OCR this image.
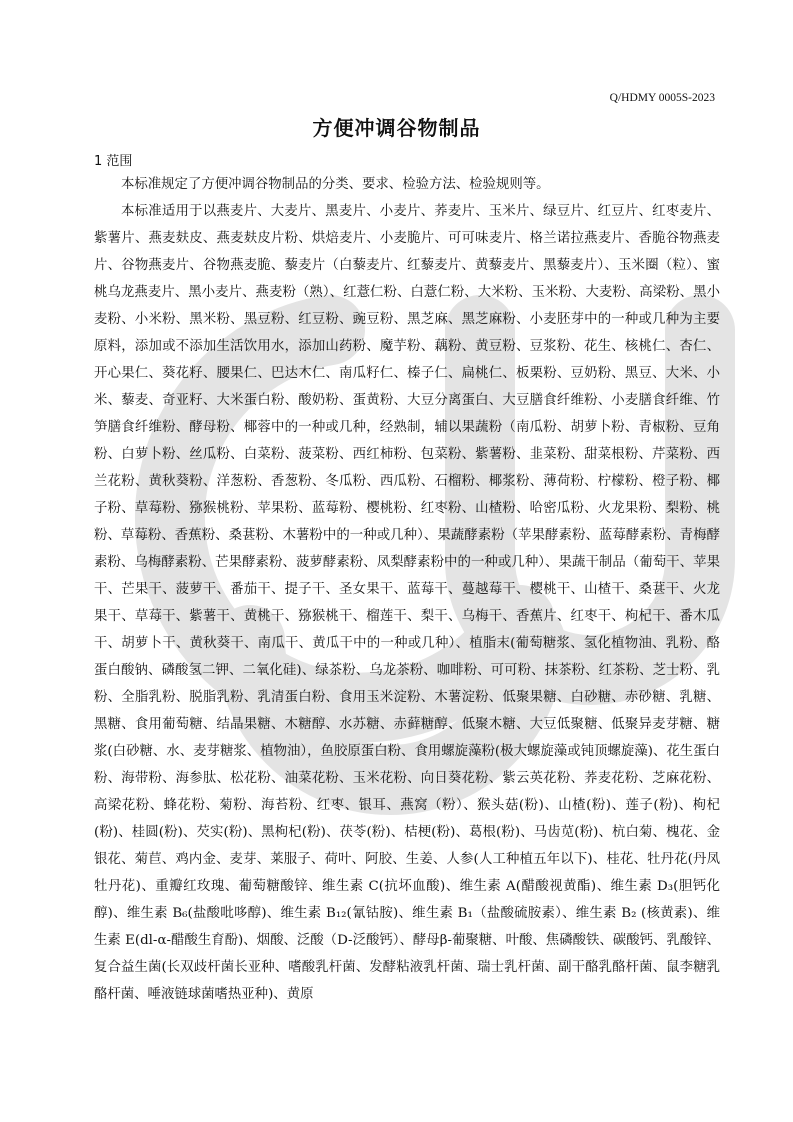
Q/HDMY 0005S-2023
方便冲调谷物制品
1 范围

本标准规定了方便冲调谷物制品的分类、要求、检验方法、检验规则等。

本标准适用于以燕麦片、大麦片、黑麦片、小麦片、荞麦片、玉米片、绿豆片、红豆片、红枣麦片、紫薯片、燕麦麸皮、燕麦麸皮片粉、烘焙麦片、小麦脆片、可可味麦片、格兰诺拉燕麦片、香脆谷物燕麦片、谷物燕麦片、谷物燕麦脆、藜麦片（白藜麦片、红藜麦片、黄藜麦片、黑藜麦片）、玉米圈（粒）、蜜桃乌龙燕麦片、黑小麦片、燕麦粉（熟）、红薏仁粉、白薏仁粉、大米粉、玉米粉、大麦粉、高梁粉、黑小麦粉、小米粉、黑米粉、黑豆粉、红豆粉、豌豆粉、黑芝麻、黑芝麻粉、小麦胚芽中的一种或几种为主要原料，添加或不添加生活饮用水，添加山药粉、魔芋粉、藕粉、黄豆粉、豆浆粉、花生、核桃仁、杏仁、开心果仁、葵花籽、腰果仁、巴达木仁、南瓜籽仁、榛子仁、扁桃仁、板栗粉、豆奶粉、黑豆、大米、小米、藜麦、奇亚籽、大米蛋白粉、酸奶粉、蛋黄粉、大豆分离蛋白、大豆膳食纤维粉、小麦膳食纤维、竹笋膳食纤维粉、酵母粉、椰蓉中的一种或几种，经熟制，辅以果蔬粉（南瓜粉、胡萝卜粉、青椒粉、豆角粉、白萝卜粉、丝瓜粉、白菜粉、菠菜粉、西红柿粉、包菜粉、紫薯粉、韭菜粉、甜菜根粉、芹菜粉、西兰花粉、黄秋葵粉、洋葱粉、香葱粉、冬瓜粉、西瓜粉、石榴粉、椰浆粉、薄荷粉、柠檬粉、橙子粉、椰子粉、草莓粉、猕猴桃粉、苹果粉、蓝莓粉、樱桃粉、红枣粉、山楂粉、哈密瓜粉、火龙果粉、梨粉、桃粉、草莓粉、香蕉粉、桑葚粉、木薯粉中的一种或几种）、果蔬酵素粉（苹果酵素粉、蓝莓酵素粉、青梅酵素粉、乌梅酵素粉、芒果酵素粉、菠萝酵素粉、凤梨酵素粉中的一种或几种）、果蔬干制品（葡萄干、苹果干、芒果干、菠萝干、番茄干、提子干、圣女果干、蓝莓干、蔓越莓干、樱桃干、山楂干、桑葚干、火龙果干、草莓干、紫薯干、黄桃干、猕猴桃干、榴莲干、梨干、乌梅干、香蕉片、红枣干、枸杞干、番木瓜干、胡萝卜干、黄秋葵干、南瓜干、黄瓜干中的一种或几种）、植脂末(葡萄糖浆、氢化植物油、乳粉、酪蛋白酸钠、磷酸氢二钾、二氧化硅)、绿茶粉、乌龙茶粉、咖啡粉、可可粉、抹茶粉、红茶粉、芝士粉、乳粉、全脂乳粉、脱脂乳粉、乳清蛋白粉、食用玉米淀粉、木薯淀粉、低聚果糖、白砂糖、赤砂糖、乳糖、黑糖、食用葡萄糖、结晶果糖、木糖醇、水苏糖、赤藓糖醇、低聚木糖、大豆低聚糖、低聚异麦芽糖、糖浆(白砂糖、水、麦芽糖浆、植物油），鱼胶原蛋白粉、食用螺旋藻粉(极大螺旋藻或钝顶螺旋藻)、花生蛋白粉、海带粉、海参肽、松花粉、油菜花粉、玉米花粉、向日葵花粉、紫云英花粉、荞麦花粉、芝麻花粉、高梁花粉、蜂花粉、菊粉、海苔粉、红枣、银耳、燕窝（粉）、猴头菇(粉)、山楂(粉)、莲子(粉)、枸杞(粉)、桂圆(粉)、芡实(粉)、黑枸杞(粉)、茯苓(粉)、桔梗(粉)、葛根(粉)、马齿苋(粉)、杭白菊、槐花、金银花、菊苣、鸡内金、麦芽、莱服子、荷叶、阿胶、生姜、人参(人工种植五年以下)、桂花、牡丹花(丹凤牡丹花)、重瓣红玫瑰、葡萄糖酸锌、维生素 C(抗坏血酸)、维生素 A(醋酸视黄酯)、维生素 D₃(胆钙化醇)、维生素 B₆(盐酸吡哆醇)、维生素 B₁₂(氰钴胺)、维生素 B₁（盐酸硫胺素）、维生素 B₂ (核黄素)、维生素 E(dl-α-醋酸生育酚)、烟酸、泛酸（D-泛酸钙）、酵母β-葡聚糖、叶酸、焦磷酸铁、碳酸钙、乳酸锌、复合益生菌(长双歧杆菌长亚种、嗜酸乳杆菌、发酵粘液乳杆菌、瑞士乳杆菌、副干酪乳酪杆菌、鼠李糖乳酪杆菌、唾液链球菌嗜热亚种)、黄原
